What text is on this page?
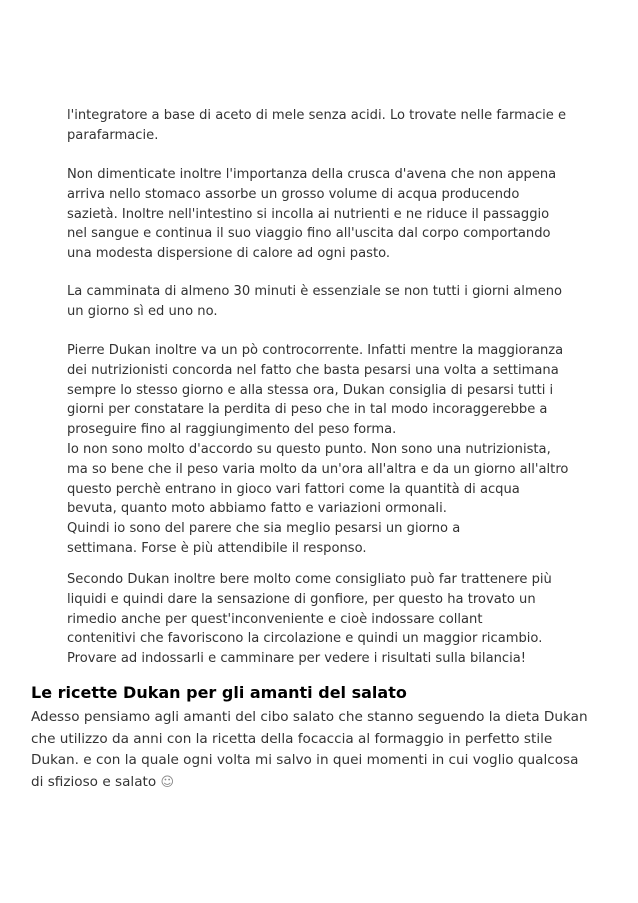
l'integratore a base di aceto di mele senza acidi. Lo trovate nelle farmacie e
parafarmacie.
Non dimenticate inoltre l'importanza della crusca d'avena che non appena
arriva nello stomaco assorbe un grosso volume di acqua producendo
sazietà. Inoltre nell'intestino si incolla ai nutrienti e ne riduce il passaggio
nel sangue e continua il suo viaggio fino all'uscita dal corpo comportando
una modesta dispersione di calore ad ogni pasto.
La camminata di almeno 30 minuti è essenziale se non tutti i giorni almeno
un giorno sì ed uno no.
Pierre Dukan inoltre va un pò controcorrente. Infatti mentre la maggioranza
dei nutrizionisti concorda nel fatto che basta pesarsi una volta a settimana
sempre lo stesso giorno e alla stessa ora, Dukan consiglia di pesarsi tutti i
giorni per constatare la perdita di peso che in tal modo incoraggerebbe a
proseguire fino al raggiungimento del peso forma.
Io non sono molto d'accordo su questo punto. Non sono una nutrizionista,
ma so bene che il peso varia molto da un'ora all'altra e da un giorno all'altro
questo perchè entrano in gioco vari fattori come la quantità di acqua
bevuta, quanto moto abbiamo fatto e variazioni ormonali.
Quindi io sono del parere che sia meglio pesarsi un giorno a
settimana. Forse è più attendibile il responso.
Secondo Dukan inoltre bere molto come consigliato può far trattenere più
liquidi e quindi dare la sensazione di gonfiore, per questo ha trovato un
rimedio anche per quest'inconveniente e cioè indossare collant
contenitivi che favoriscono la circolazione e quindi un maggior ricambio.
Provare ad indossarli e camminare per vedere i risultati sulla bilancia!
Le ricette Dukan per gli amanti del salato
Adesso pensiamo agli amanti del cibo salato che stanno seguendo la dieta Dukan
che utilizzo da anni con la ricetta della focaccia al formaggio in perfetto stile
Dukan. e con la quale ogni volta mi salvo in quei momenti in cui voglio qualcosa
di sfizioso e salato ☺
